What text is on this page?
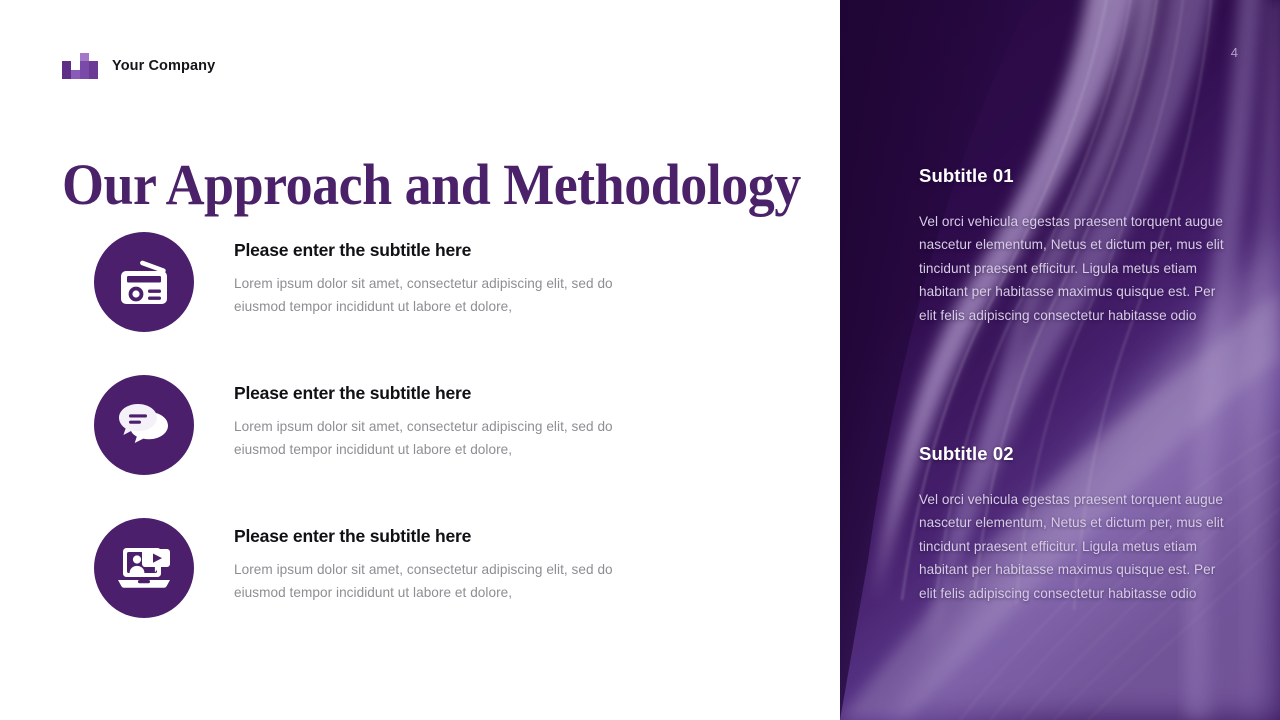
Your Company
Our Approach and Methodology

Please enter the subtitle here

Lorem ipsum dolor sit amet, consectetur adipiscing elit, sed do eiusmod tempor incididunt ut labore et dolore,

Please enter the subtitle here

Lorem ipsum dolor sit amet, consectetur adipiscing elit, sed do eiusmod tempor incididunt ut labore et dolore,

Please enter the subtitle here

Lorem ipsum dolor sit amet, consectetur adipiscing elit, sed do eiusmod tempor incididunt ut labore et dolore,

4

Subtitle 01

Vel orci vehicula egestas praesent torquent augue nascetur elementum, Netus et dictum per, mus elit tincidunt praesent efficitur. Ligula metus etiam habitant per habitasse maximus quisque est. Per elit felis adipiscing consectetur habitasse odio

Subtitle 02

Vel orci vehicula egestas praesent torquent augue nascetur elementum, Netus et dictum per, mus elit tincidunt praesent efficitur. Ligula metus etiam habitant per habitasse maximus quisque est. Per elit felis adipiscing consectetur habitasse odio
